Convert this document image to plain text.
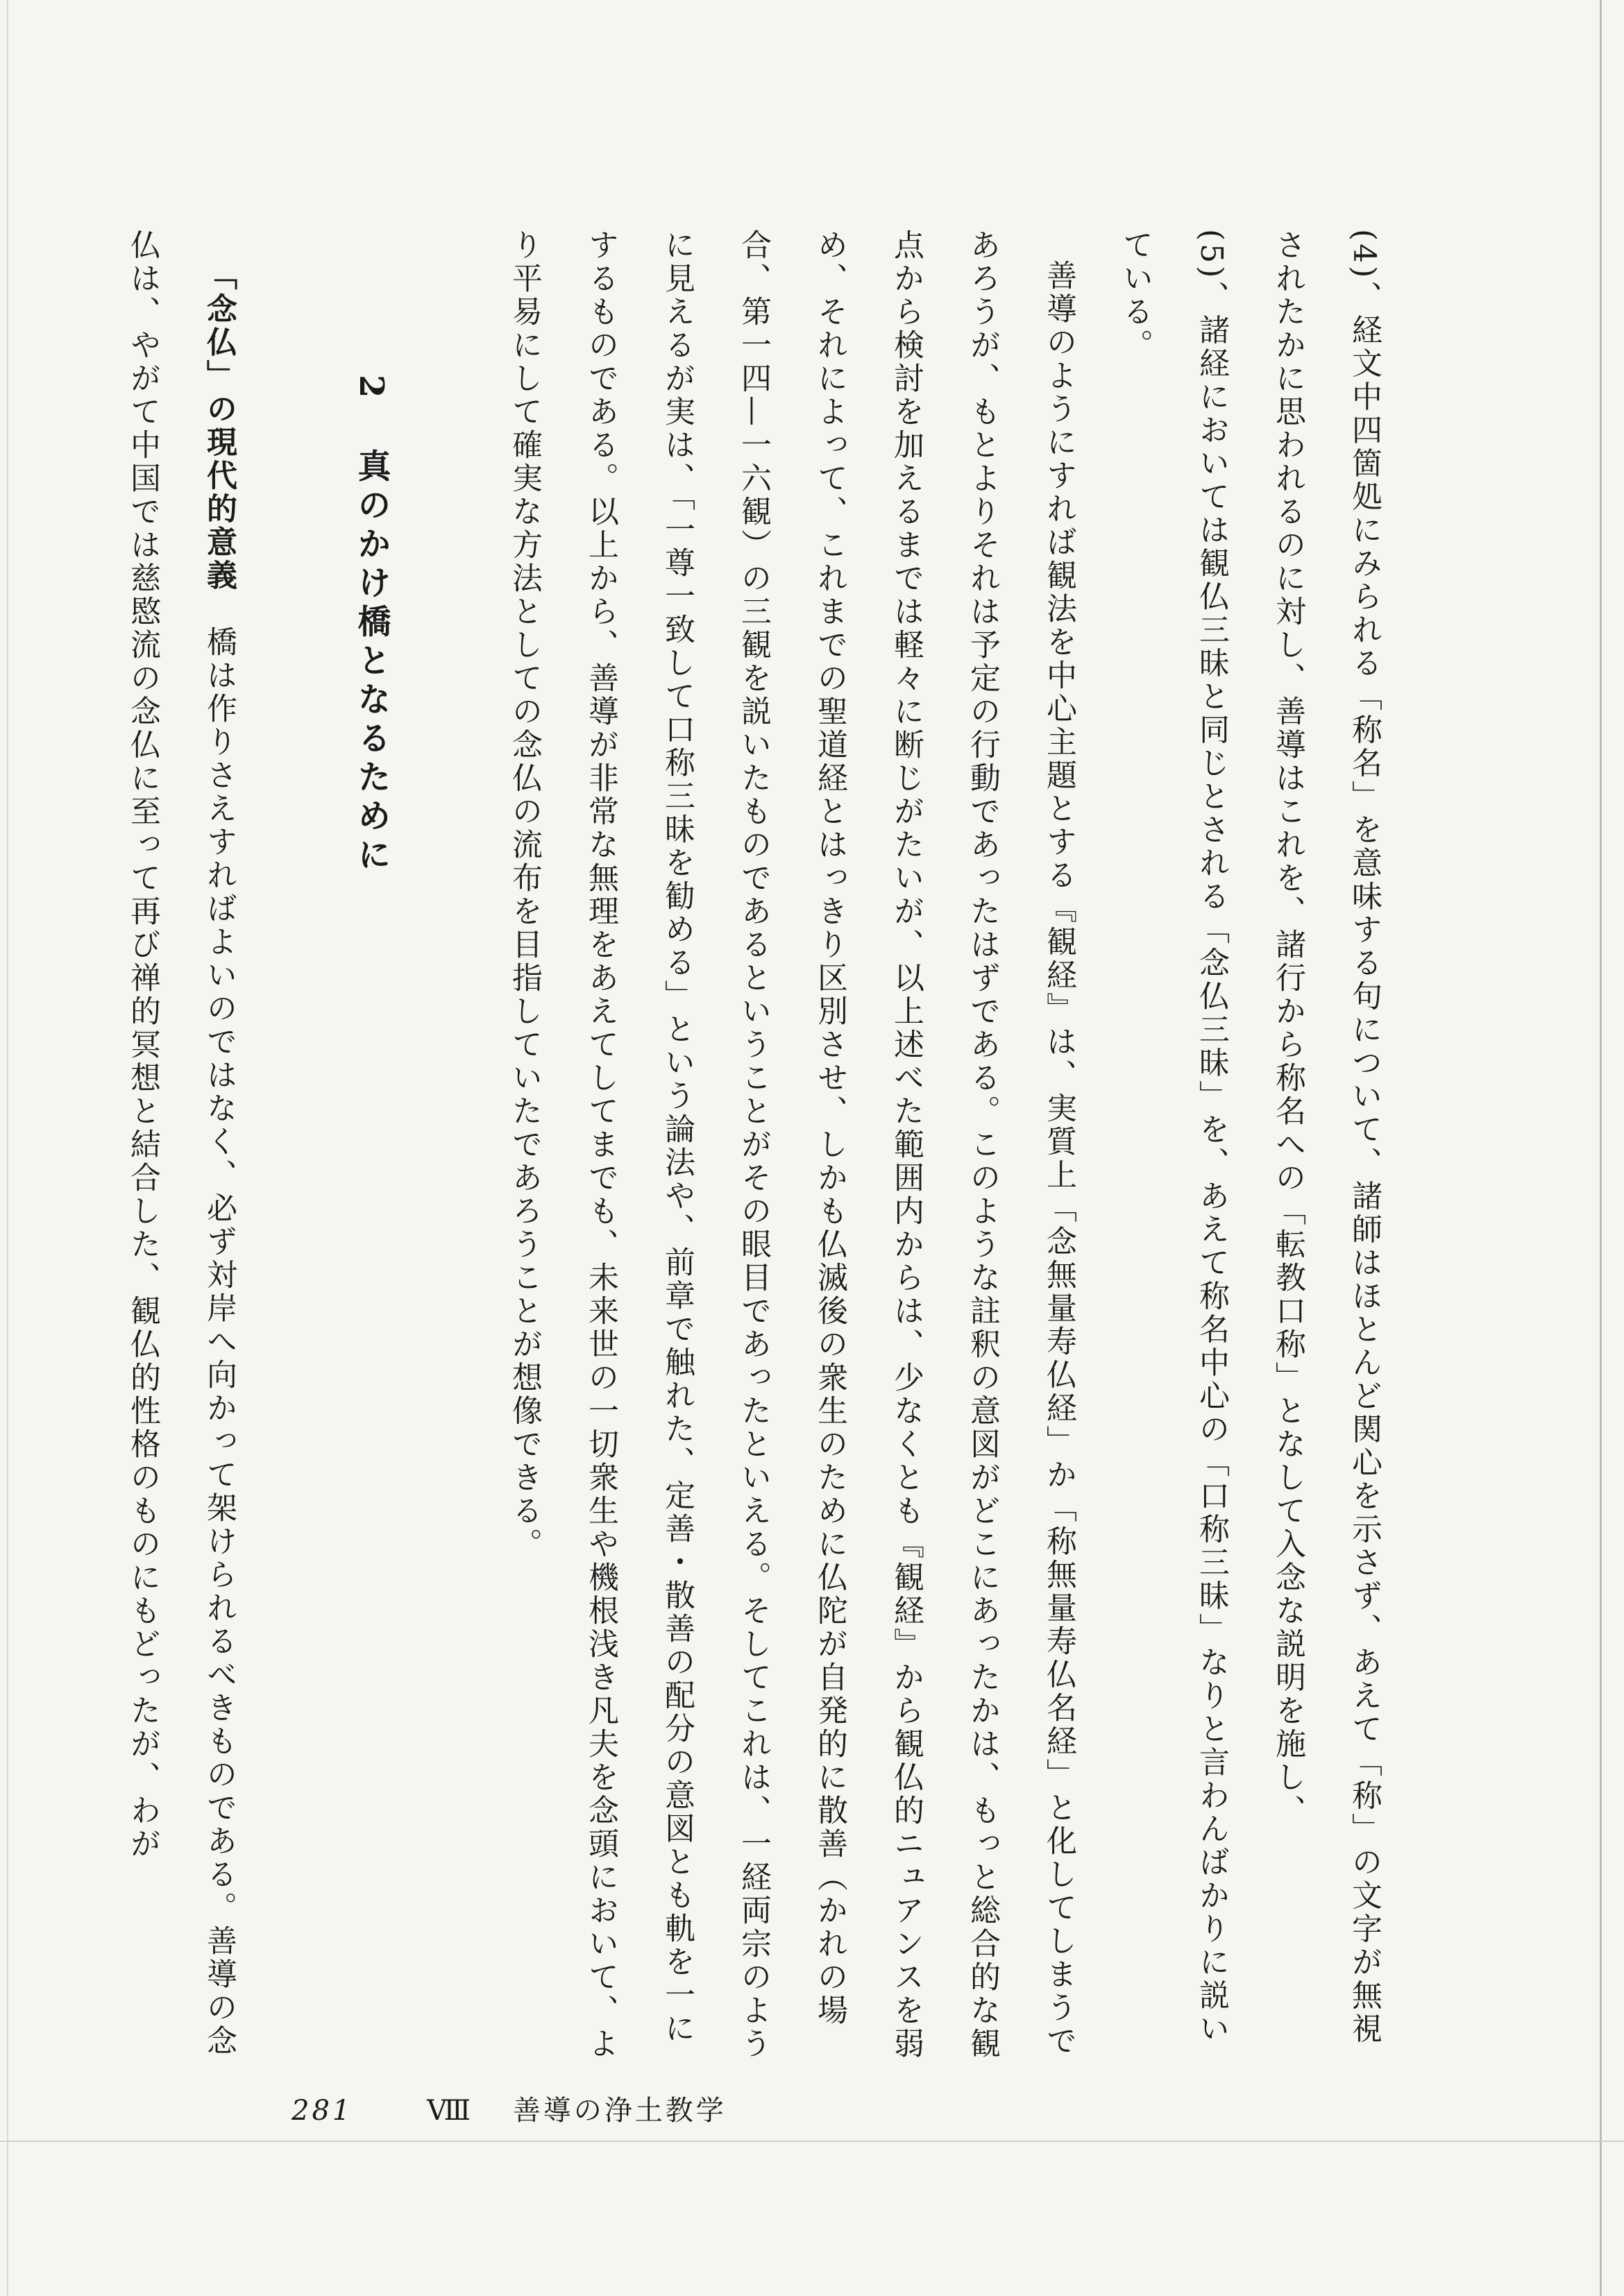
(4)、経文中四箇処にみられる「称名」を意味する句について、諸師はほとんど関心を示さず、あえて「称」の文字が無視されたかに思われるのに対し、善導はこれを、諸行から称名への「転教口称」となして入念な説明を施し、

(5)、諸経においては観仏三昧と同じとされる「念仏三昧」を、あえて称名中心の「口称三昧」なりと言わんばかりに説いている。

善導のようにすれば観法を中心主題とする『観経』は、実質上「念無量寿仏経」か「称無量寿仏名経」と化してしまうであろうが、もとよりそれは予定の行動であったはずである。このような註釈の意図がどこにあったかは、もっと総合的な観点から検討を加えるまでは軽々に断じがたいが、以上述べた範囲内からは、少なくとも『観経』から観仏的ニュアンスを弱め、それによって、これまでの聖道経とはっきり区別させ、しかも仏滅後の衆生のために仏陀が自発的に散善（かれの場合、第一四—一六観）の三観を説いたものであるということがその眼目であったといえる。そしてこれは、一経両宗のように見えるが実は、「一尊一致して口称三昧を勧める」という論法や、前章で触れた、定善・散善の配分の意図とも軌を一にするものである。以上から、善導が非常な無理をあえてしてまでも、未来世の一切衆生や機根浅き凡夫を念頭において、より平易にして確実な方法としての念仏の流布を目指していたであろうことが想像できる。

2 真のかけ橋となるために

「念仏」の現代的意義　橋は作りさえすればよいのではなく、必ず対岸へ向かって架けられるべきものである。善導の念仏は、やがて中国では慈愍流の念仏に至って再び禅的冥想と結合した、観仏的性格のものにもどったが、わが

281	Ⅷ 善導の浄土教学
